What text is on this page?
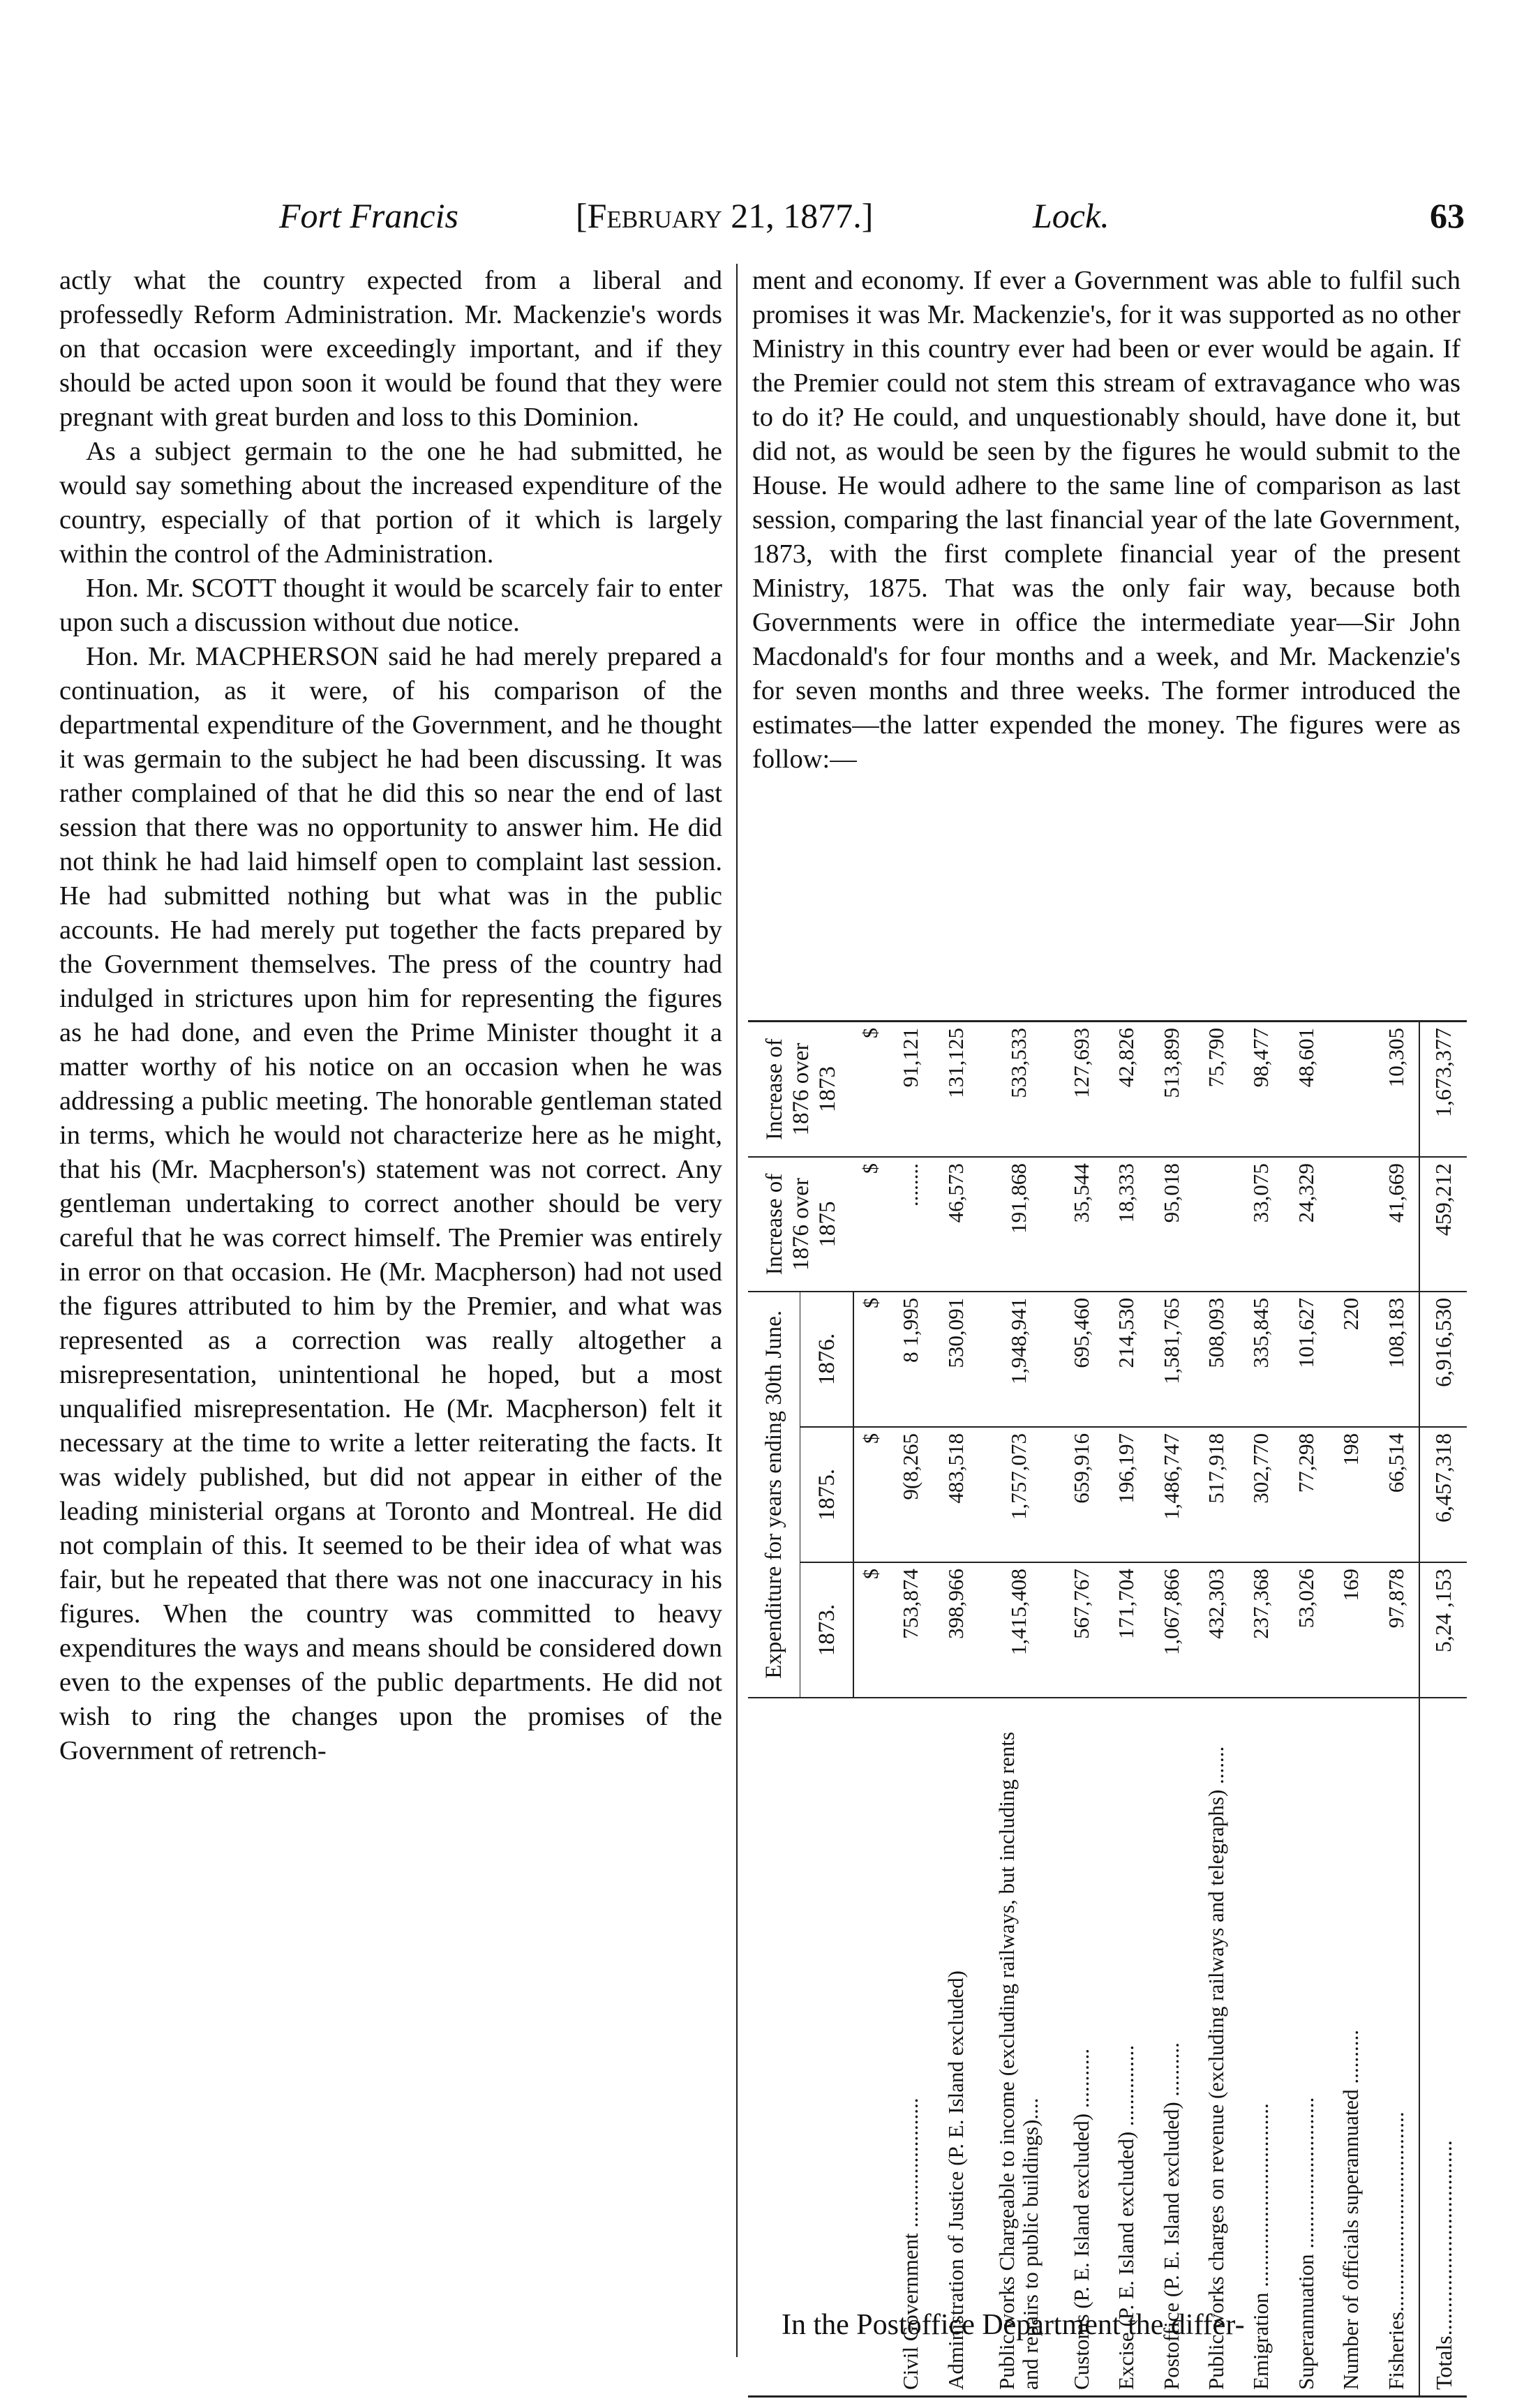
Fort Francis	[February 21, 1877.]	Lock.	63

actly what the country expected from a liberal and professedly Reform Administration. Mr. Mackenzie's words on that occasion were exceedingly important, and if they should be acted upon soon it would be found that they were pregnant with great burden and loss to this Dominion.

As a subject germain to the one he had submitted, he would say something about the increased expenditure of the country, especially of that portion of it which is largely within the control of the Administration.

Hon. Mr. SCOTT thought it would be scarcely fair to enter upon such a discussion without due notice.

Hon. Mr. MACPHERSON said he had merely prepared a continuation, as it were, of his comparison of the departmental expenditure of the Government, and he thought it was germain to the subject he had been discussing. It was rather complained of that he did this so near the end of last session that there was no opportunity to answer him. He did not think he had laid himself open to complaint last session. He had submitted nothing but what was in the public accounts. He had merely put together the facts prepared by the Government themselves. The press of the country had indulged in strictures upon him for representing the figures as he had done, and even the Prime Minister thought it a matter worthy of his notice on an occasion when he was addressing a public meeting. The honorable gentleman stated in terms, which he would not characterize here as he might, that his (Mr. Macpherson's) statement was not correct. Any gentleman undertaking to correct another should be very careful that he was correct himself. The Premier was entirely in error on that occasion. He (Mr. Macpherson) had not used the figures attributed to him by the Premier, and what was represented as a correction was really altogether a misrepresentation, unintentional he hoped, but a most unqualified misrepresentation. He (Mr. Macpherson) felt it necessary at the time to write a letter reiterating the facts. It was widely published, but did not appear in either of the leading ministerial organs at Toronto and Montreal. He did not complain of this. It seemed to be their idea of what was fair, but he repeated that there was not one inaccuracy in his figures. When the country was committed to heavy expenditures the ways and means should be considered down even to the expenses of the public departments. He did not wish to ring the changes upon the promises of the Government of retrench-

ment and economy. If ever a Government was able to fulfil such promises it was Mr. Mackenzie's, for it was supported as no other Ministry in this country ever had been or ever would be again. If the Premier could not stem this stream of extravagance who was to do it? He could, and unquestionably should, have done it, but did not, as would be seen by the figures he would submit to the House. He would adhere to the same line of comparison as last session, comparing the last financial year of the late Government, 1873, with the first complete financial year of the present Ministry, 1875. That was the only fair way, because both Governments were in office the intermediate year—Sir John Macdonald's for four months and a week, and Mr. Mackenzie's for seven months and three weeks. The former introduced the estimates—the latter expended the money. The figures were as follow:—

	Expenditure for years ending 30th June.			Increase of 1876 over 1875	Increase of 1876 over 1873
	1873.	1875.	1876.		
	$	$	$	$	$
Civil Government ........................	753,874	9(8,265	8 1,995	........	91,121
Administration of Justice (P. E. Island excluded)	398,966	483,518	530,091	46,573	131,125
Public works Chargeable to income (excluding railways, but including rents and repairs to public buildings)....	1,415,408	1,757,073	1,948,941	191,868	533,533
Customs (P. E. Island excluded) ...........	567,767	659,916	695,460	35,544	127,693
Excise (P. E. Island excluded) ...............	171,704	196,197	214,530	18,333	42,826
Postoffice (P. E. Island excluded) ..........	1,067,866	1,486,747	1,581,765	95,018	513,899
Public works charges on revenue (excluding railways and telegraphs) .......	432,303	517,918	508,093		75,790
Emigration ..................................	237,368	302,770	335,845	33,075	98,477
Superannuation ............................	53,026	77,298	101,627	24,329	48,601
Number of officials superannuated ..........	169	198	220		
Fisheries.....................................	97,878	66,514	108,183	41,669	10,305
Totals...................................	5,24 ,153	6,457,318	6,916,530	459,212	1,673,377
In the Postoffice Department the differ-
